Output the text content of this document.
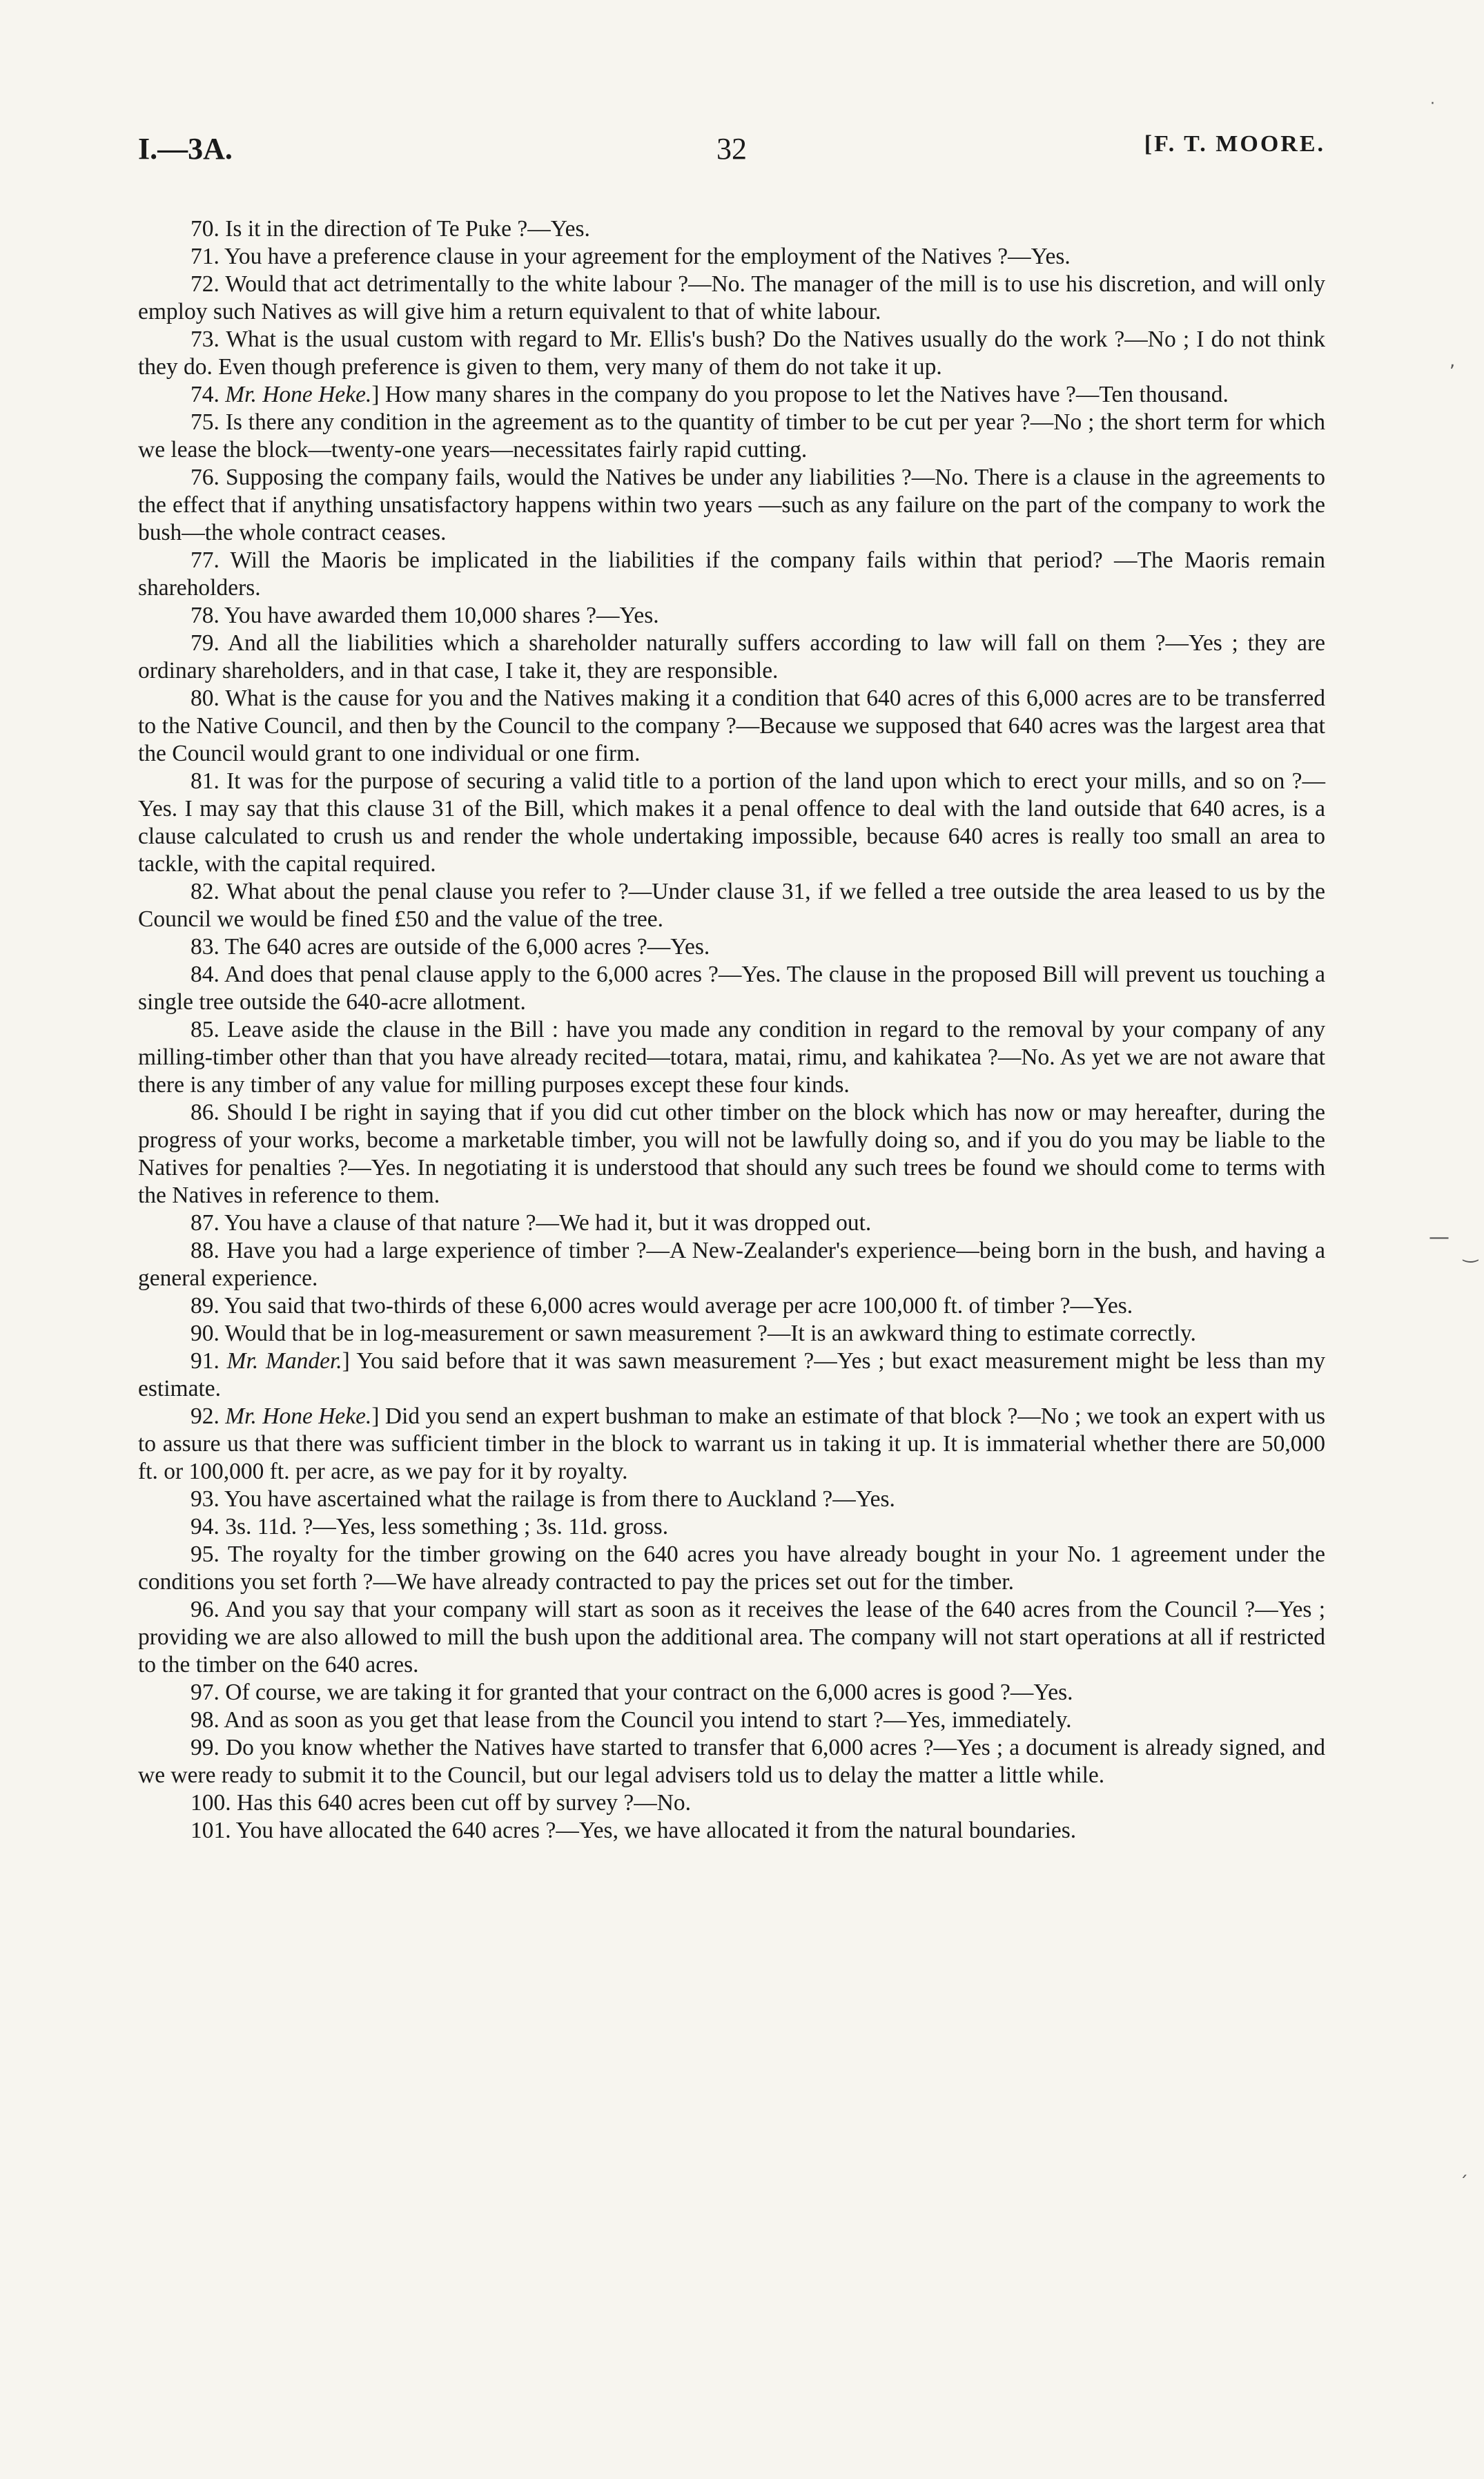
·
,
—
‿
ˏ
I.—3A.	32	[F. T. MOORE.

70. Is it in the direction of Te Puke ?—Yes.

71. You have a preference clause in your agreement for the employment of the Natives ?—Yes.

72. Would that act detrimentally to the white labour ?—No. The manager of the mill is to use his discretion, and will only employ such Natives as will give him a return equivalent to that of white labour.

73. What is the usual custom with regard to Mr. Ellis's bush? Do the Natives usually do the work ?—No ; I do not think they do. Even though preference is given to them, very many of them do not take it up.

74. Mr. Hone Heke.] How many shares in the company do you propose to let the Natives have ?—Ten thousand.

75. Is there any condition in the agreement as to the quantity of timber to be cut per year ?—No ; the short term for which we lease the block—twenty-one years—necessitates fairly rapid cutting.

76. Supposing the company fails, would the Natives be under any liabilities ?—No. There is a clause in the agreements to the effect that if anything unsatisfactory happens within two years —such as any failure on the part of the company to work the bush—the whole contract ceases.

77. Will the Maoris be implicated in the liabilities if the company fails within that period? —The Maoris remain shareholders.

78. You have awarded them 10,000 shares ?—Yes.

79. And all the liabilities which a shareholder naturally suffers according to law will fall on them ?—Yes ; they are ordinary shareholders, and in that case, I take it, they are responsible.

80. What is the cause for you and the Natives making it a condition that 640 acres of this 6,000 acres are to be transferred to the Native Council, and then by the Council to the company ?—Because we supposed that 640 acres was the largest area that the Council would grant to one individual or one firm.

81. It was for the purpose of securing a valid title to a portion of the land upon which to erect your mills, and so on ?—Yes. I may say that this clause 31 of the Bill, which makes it a penal offence to deal with the land outside that 640 acres, is a clause calculated to crush us and render the whole undertaking impossible, because 640 acres is really too small an area to tackle, with the capital required.

82. What about the penal clause you refer to ?—Under clause 31, if we felled a tree outside the area leased to us by the Council we would be fined £50 and the value of the tree.

83. The 640 acres are outside of the 6,000 acres ?—Yes.

84. And does that penal clause apply to the 6,000 acres ?—Yes. The clause in the proposed Bill will prevent us touching a single tree outside the 640-acre allotment.

85. Leave aside the clause in the Bill : have you made any condition in regard to the removal by your company of any milling-timber other than that you have already recited—totara, matai, rimu, and kahikatea ?—No. As yet we are not aware that there is any timber of any value for milling purposes except these four kinds.

86. Should I be right in saying that if you did cut other timber on the block which has now or may hereafter, during the progress of your works, become a marketable timber, you will not be lawfully doing so, and if you do you may be liable to the Natives for penalties ?—Yes. In negotiating it is understood that should any such trees be found we should come to terms with the Natives in reference to them.

87. You have a clause of that nature ?—We had it, but it was dropped out.

88. Have you had a large experience of timber ?—A New-Zealander's experience—being born in the bush, and having a general experience.

89. You said that two-thirds of these 6,000 acres would average per acre 100,000 ft. of timber ?—Yes.

90. Would that be in log-measurement or sawn measurement ?—It is an awkward thing to estimate correctly.

91. Mr. Mander.] You said before that it was sawn measurement ?—Yes ; but exact measurement might be less than my estimate.

92. Mr. Hone Heke.] Did you send an expert bushman to make an estimate of that block ?—No ; we took an expert with us to assure us that there was sufficient timber in the block to warrant us in taking it up. It is immaterial whether there are 50,000 ft. or 100,000 ft. per acre, as we pay for it by royalty.

93. You have ascertained what the railage is from there to Auckland ?—Yes.

94. 3s. 11d. ?—Yes, less something ; 3s. 11d. gross.

95. The royalty for the timber growing on the 640 acres you have already bought in your No. 1 agreement under the conditions you set forth ?—We have already contracted to pay the prices set out for the timber.

96. And you say that your company will start as soon as it receives the lease of the 640 acres from the Council ?—Yes ; providing we are also allowed to mill the bush upon the additional area. The company will not start operations at all if restricted to the timber on the 640 acres.

97. Of course, we are taking it for granted that your contract on the 6,000 acres is good ?—Yes.

98. And as soon as you get that lease from the Council you intend to start ?—Yes, immediately.

99. Do you know whether the Natives have started to transfer that 6,000 acres ?—Yes ; a document is already signed, and we were ready to submit it to the Council, but our legal advisers told us to delay the matter a little while.

100. Has this 640 acres been cut off by survey ?—No.

101. You have allocated the 640 acres ?—Yes, we have allocated it from the natural boundaries.
